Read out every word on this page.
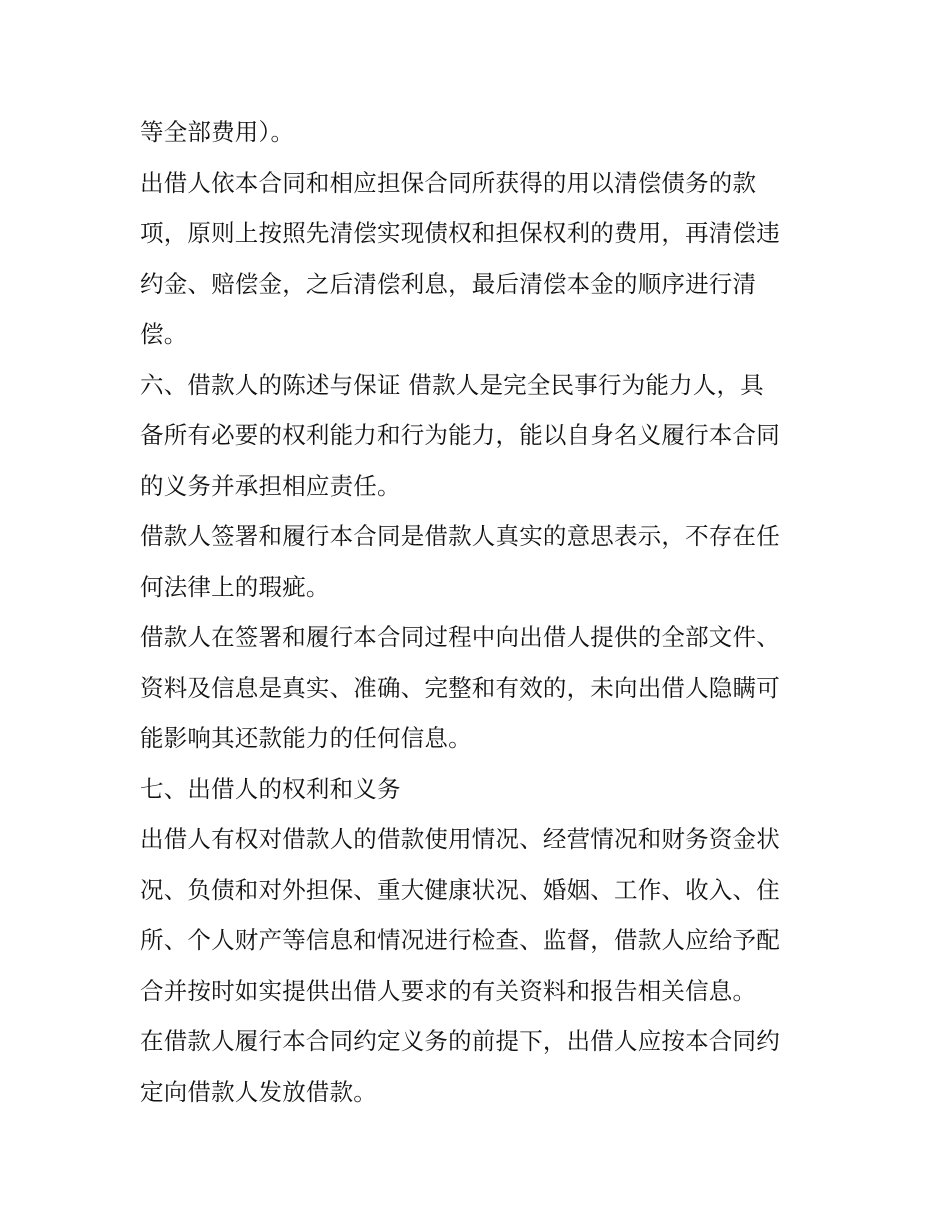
等全部费用）。
出借人依本合同和相应担保合同所获得的用以清偿债务的款
项，原则上按照先清偿实现债权和担保权利的费用，再清偿违
约金、赔偿金，之后清偿利息，最后清偿本金的顺序进行清
偿。
六、借款人的陈述与保证 借款人是完全民事行为能力人，具
备所有必要的权利能力和行为能力，能以自身名义履行本合同
的义务并承担相应责任。
借款人签署和履行本合同是借款人真实的意思表示，不存在任
何法律上的瑕疵。
借款人在签署和履行本合同过程中向出借人提供的全部文件、
资料及信息是真实、准确、完整和有效的，未向出借人隐瞒可
能影响其还款能力的任何信息。
七、出借人的权利和义务
出借人有权对借款人的借款使用情况、经营情况和财务资金状
况、负债和对外担保、重大健康状况、婚姻、工作、收入、住
所、个人财产等信息和情况进行检查、监督，借款人应给予配
合并按时如实提供出借人要求的有关资料和报告相关信息。
在借款人履行本合同约定义务的前提下，出借人应按本合同约
定向借款人发放借款。
